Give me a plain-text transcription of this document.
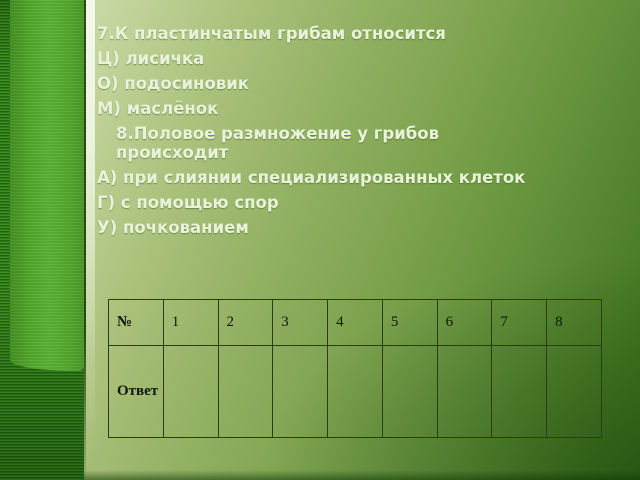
7.К пластинчатым грибам относится

Ц) лисичка

О) подосиновик

М) маслёнок

8.Половое размножение у грибов происходит

А) при слиянии специализированных клеток

Г) с помощью спор

У) почкованием

№	1	2	3	4	5	6	7	8
Ответ								
